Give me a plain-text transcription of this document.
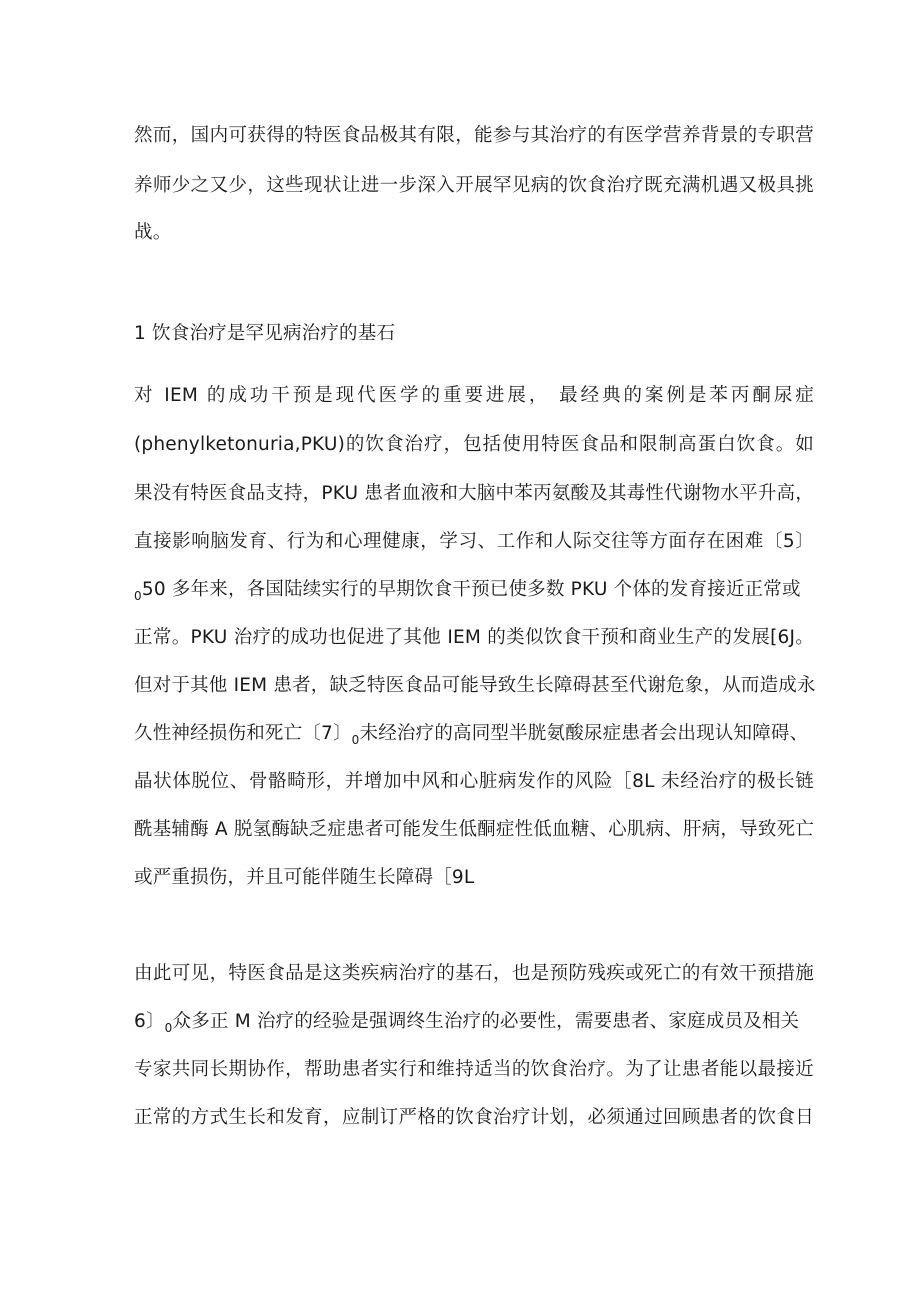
然而，国内可获得的特医食品极其有限，能参与其治疗的有医学营养背景的专职营
养师少之又少，这些现状让进一步深入开展罕见病的饮食治疗既充满机遇又极具挑
战。
1 饮食治疗是罕见病治疗的基石
对 IEM 的成功干预是现代医学的重要进展， 最经典的案例是苯丙酮尿症
(phenylketonuria,PKU)的饮食治疗，包括使用特医食品和限制高蛋白饮食。如
果没有特医食品支持，PKU 患者血液和大脑中苯丙氨酸及其毒性代谢物水平升高，
直接影响脑发育、行为和心理健康，学习、工作和人际交往等方面存在困难〔5〕
$_0$50 多年来，各国陆续实行的早期饮食干预已使多数 PKU 个体的发育接近正常或
正常。PKU 治疗的成功也促进了其他 IEM 的类似饮食干预和商业生产的发展[6J。
但对于其他 IEM 患者，缺乏特医食品可能导致生长障碍甚至代谢危象，从而造成永
久性神经损伤和死亡〔7〕$_0$未经治疗的高同型半胱氨酸尿症患者会出现认知障碍、
晶状体脱位、骨骼畸形，并增加中风和心脏病发作的风险［8L 未经治疗的极长链
酰基辅酶 A 脱氢酶缺乏症患者可能发生低酮症性低血糖、心肌病、肝病，导致死亡
或严重损伤，并且可能伴随生长障碍［9L
由此可见，特医食品是这类疾病治疗的基石，也是预防残疾或死亡的有效干预措施
6〕$_0$众多正 M 治疗的经验是强调终生治疗的必要性，需要患者、家庭成员及相关
专家共同长期协作，帮助患者实行和维持适当的饮食治疗。为了让患者能以最接近
正常的方式生长和发育，应制订严格的饮食治疗计划，必须通过回顾患者的饮食日
